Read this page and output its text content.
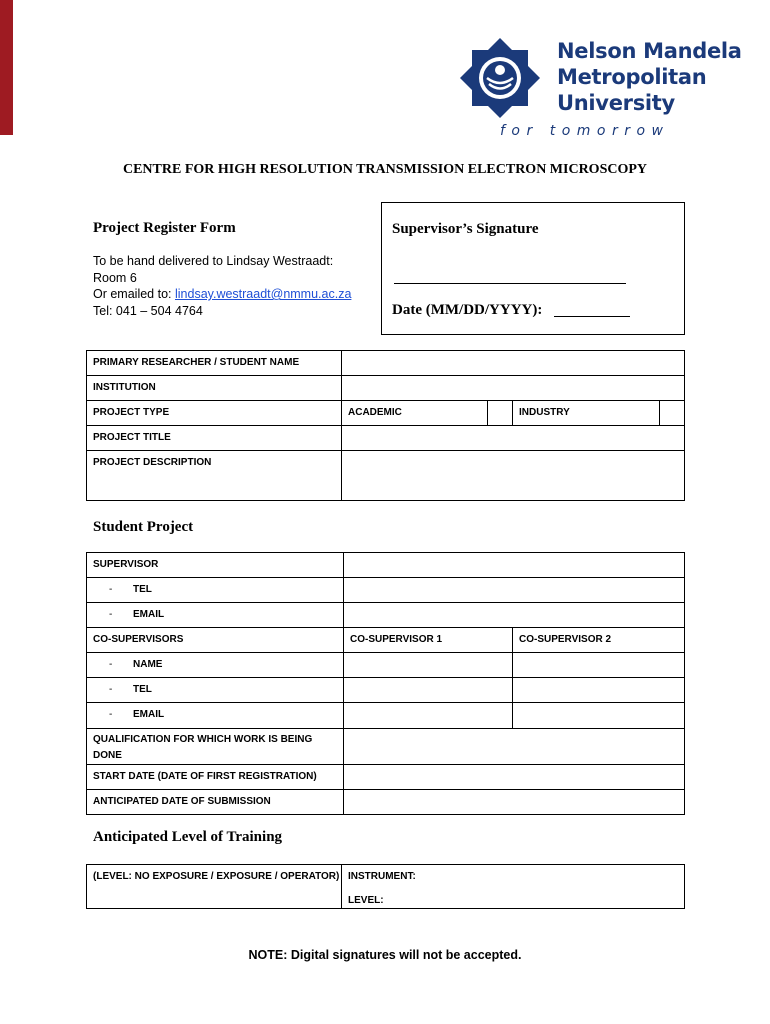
Nelson Mandela
Metropolitan
University
for tomorrow
CENTRE FOR HIGH RESOLUTION TRANSMISSION ELECTRON MICROSCOPY
Project Register Form
To be hand delivered to Lindsay Westraadt:
Room 6
Or emailed to: lindsay.westraadt@nmmu.ac.za
Tel: 041 – 504 4764
Supervisor’s Signature
Date (MM/DD/YYYY):
PRIMARY RESEARCHER / STUDENT NAME				

INSTITUTION				

PROJECT TYPE	ACADEMIC		INDUSTRY	

PROJECT TITLE				

PROJECT DESCRIPTION				

Student Project
SUPERVISOR		

- TEL		

- EMAIL		

CO-SUPERVISORS	CO-SUPERVISOR 1	CO-SUPERVISOR 2

- NAME		

- TEL		

- EMAIL		

QUALIFICATION FOR WHICH WORK IS BEING DONE		

START DATE (DATE OF FIRST REGISTRATION)		

ANTICIPATED DATE OF SUBMISSION		

Anticipated Level of Training
(LEVEL: NO EXPOSURE / EXPOSURE / OPERATOR)	INSTRUMENT:
LEVEL:
NOTE: Digital signatures will not be accepted.
